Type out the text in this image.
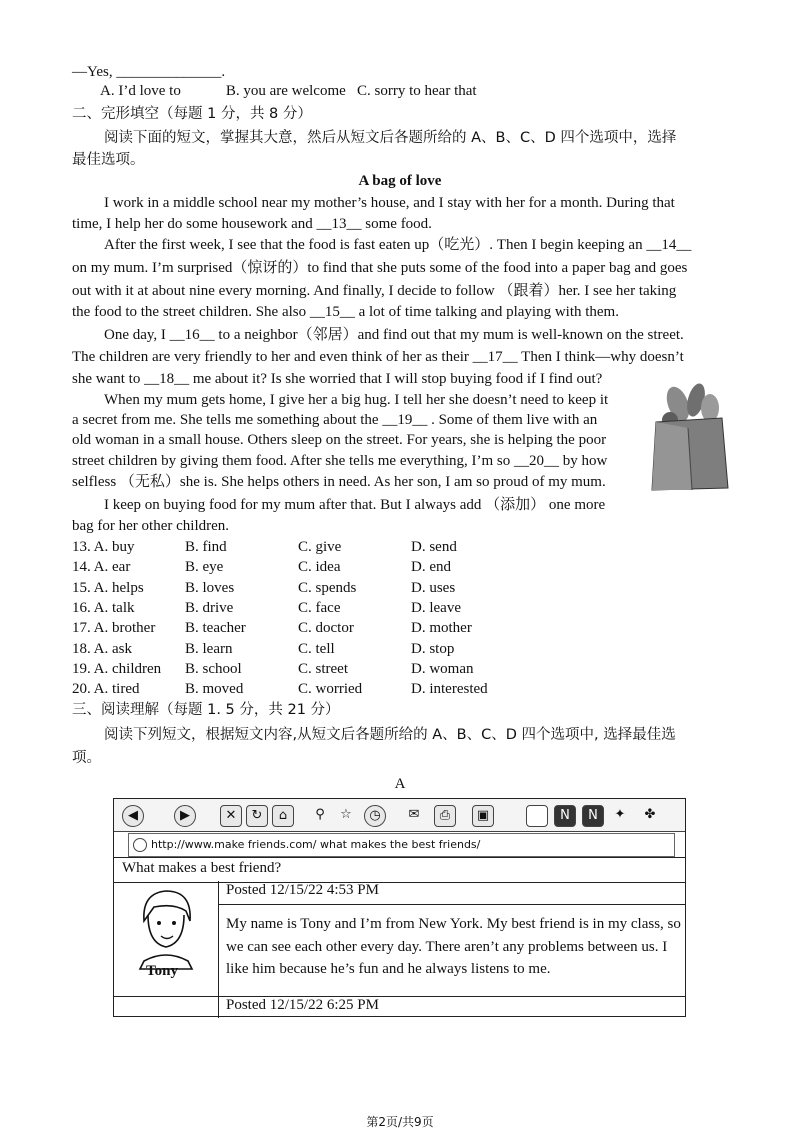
—Yes, ______________.
A. I’d love to            B. you are welcome   C. sorry to hear that
二、完形填空（每题 1 分，共 8 分）
阅读下面的短文，掌握其大意，然后从短文后各题所给的 A、B、C、D 四个选项中，选择
最佳选项。
A bag of love
I work in a middle school near my mother’s house, and I stay with her for a month. During that
time, I help her do some housework and __13__ some food.
After the first week, I see that the food is fast eaten up（吃光）. Then I begin keeping an __14__
on my mum. I’m surprised（惊讶的）to find that she puts some of the food into a paper bag and goes
out with it at about nine every morning. And finally, I decide to follow （跟着）her. I see her taking
the food to the street children. She also __15__ a lot of time talking and playing with them.
One day, I __16__ to a neighbor（邻居）and find out that my mum is well-known on the street.
The children are very friendly to her and even think of her as their __17__ Then I think—why doesn’t
she want to __18__ me about it? Is she worried that I will stop buying food if I find out?
When my mum gets home, I give her a big hug. I tell her she doesn’t need to keep it
a secret from me. She tells me something about the __19__ . Some of them live with an
old woman in a small house. Others sleep on the street. For years, she is helping the poor
street children by giving them food. After she tells me everything, I’m so __20__ by how
selfless （无私）she is. She helps others in need. As her son, I am so proud of my mum.
I keep on buying food for my mum after that. But I always add （添加） one more
bag for her other children.
13. A. buy	B. find	C. give	D. send
14. A. ear	B. eye	C. idea	D. end
15. A. helps	B. loves	C. spends	D. uses
16. A. talk	B. drive	C. face	D. leave
17. A. brother B. teacher	C. doctor	D. mother
18. A. ask	B. learn	C. tell	D. stop
19. A. children B. school	C. street	D. woman
20. A. tired	B. moved	C. worried	D. interested
三、阅读理解（每题 1. 5 分，共 21 分）
阅读下列短文，根据短文内容,从短文后各题所给的 A、B、C、D 四个选项中, 选择最佳选
项。
A
◀	▶	✕	↻	⌂	⚲	☆	◷	✉	⎙	▣	N	N	✦	✤
http://www.make friends.com/ what makes the best friends/
What makes a best friend?
Tony
Posted 12/15/22 4:53 PM
My name is Tony and I’m from New York. My best friend is in my class, so we can see each other every day. There aren’t any problems between us. I like him because he’s fun and he always listens to me.
Posted 12/15/22 6:25 PM
第2页/共9页
